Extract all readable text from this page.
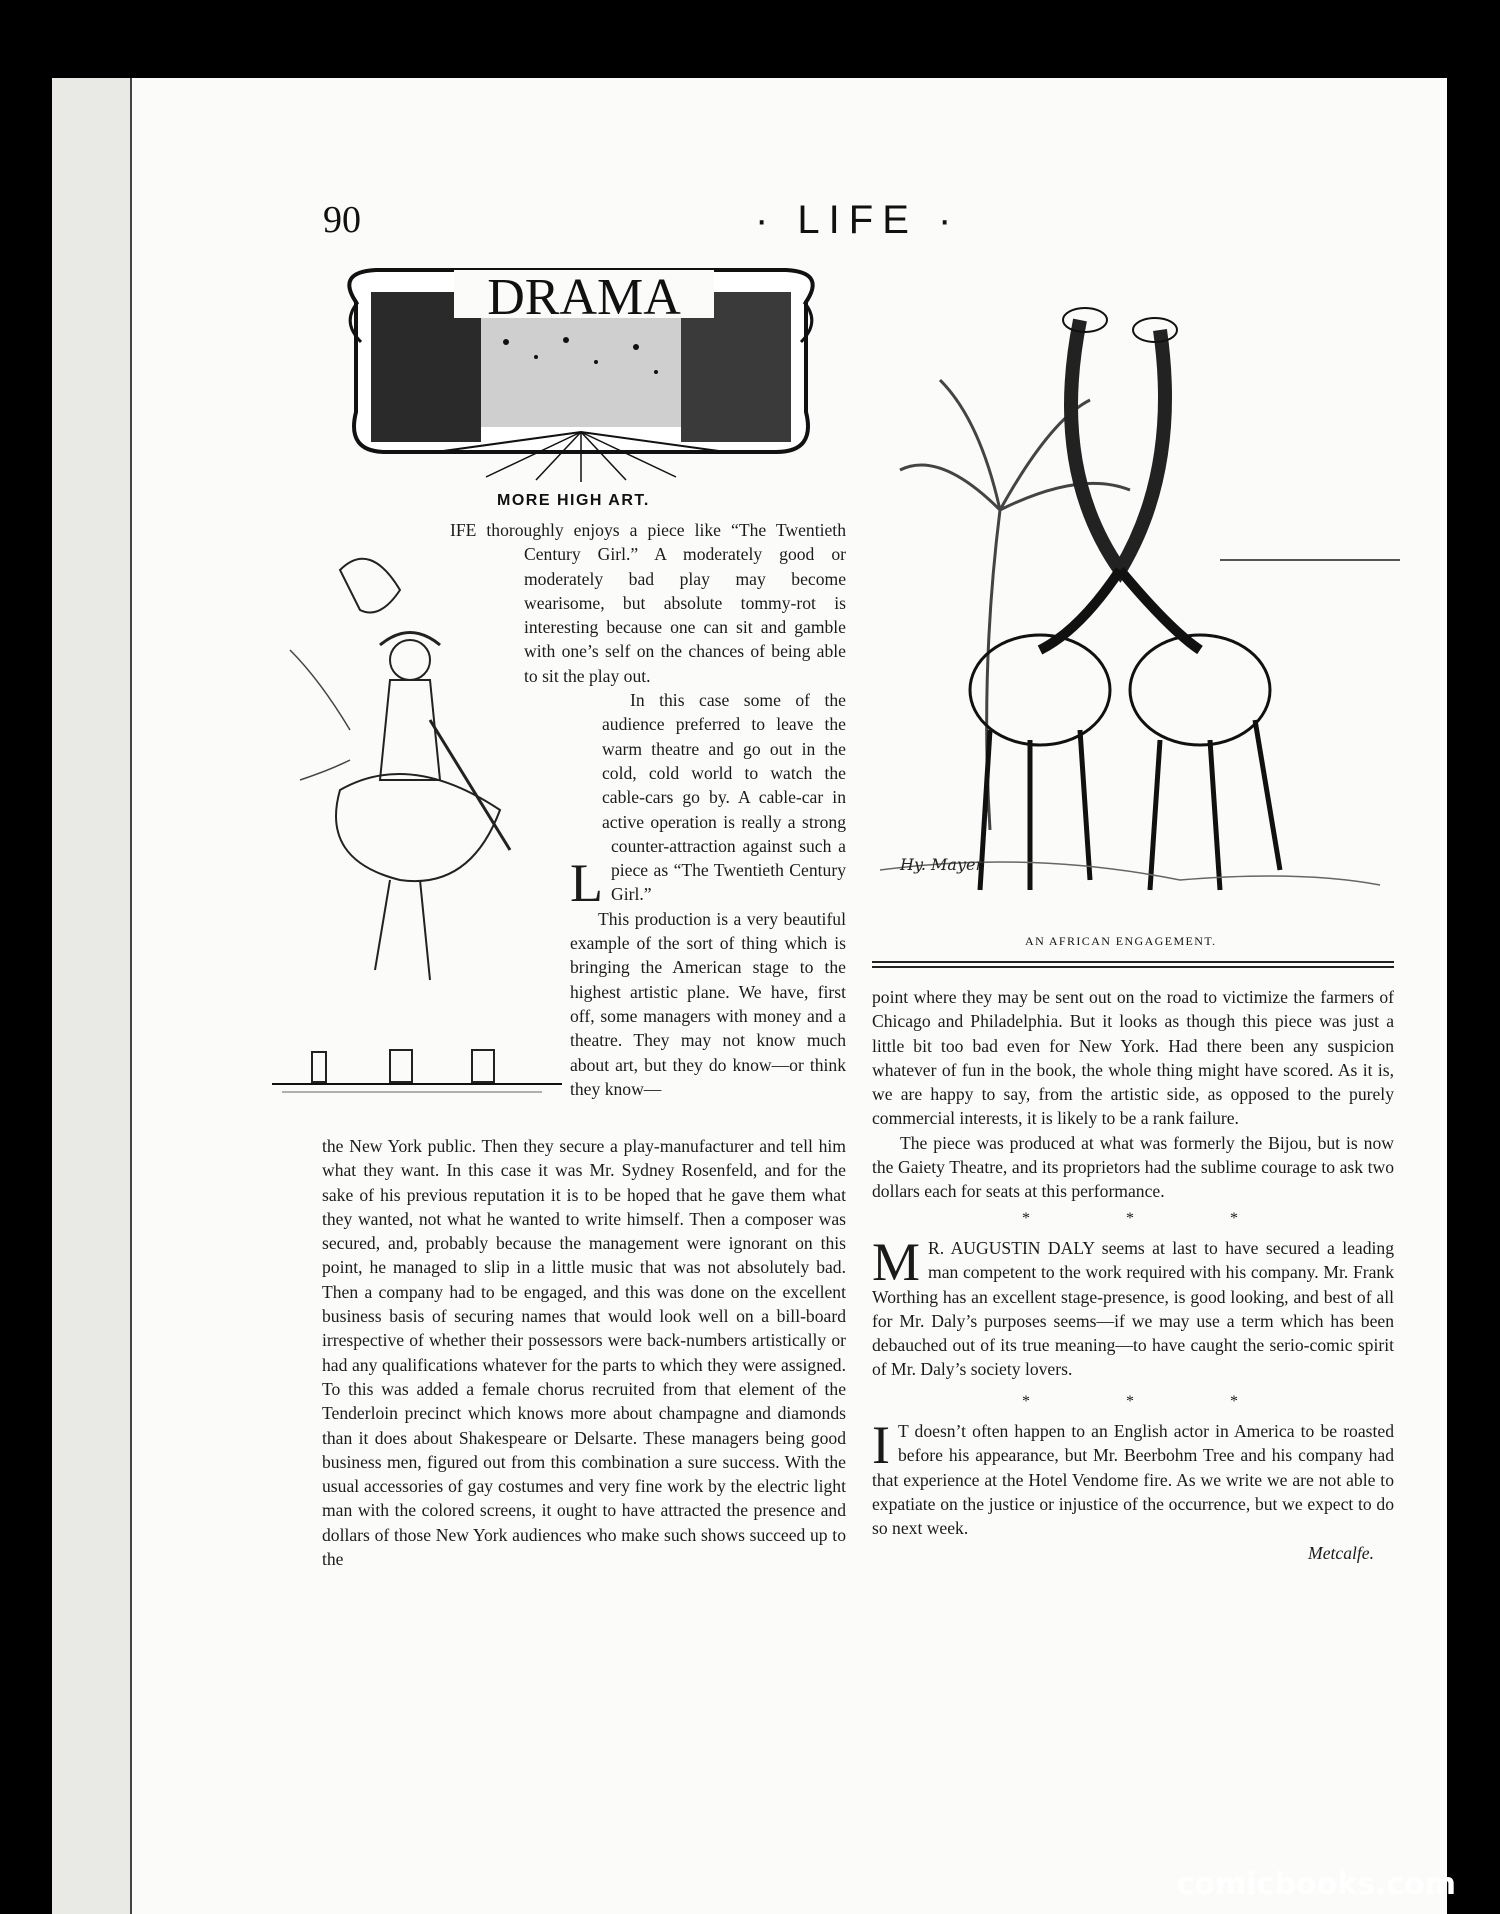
90	· LIFE ·
DRAMA
MORE HIGH ART.
Hy. Mayer
AN AFRICAN ENGAGEMENT.

L
IFE thoroughly enjoys a piece like “The Twentieth Century Girl.” A moderately good or moderately bad play may become wearisome, but absolute tommy-rot is interesting because one can sit and gamble with one’s self on the chances of being able to sit the play out.

In this case some of the audience preferred to leave the warm theatre and go out in the cold, cold world to watch the cable-cars go by. A cable-car in active operation is really a strong counter-attraction against such a piece as “The Twentieth Century Girl.”

This production is a very beautiful example of the sort of thing which is bringing the American stage to the highest artistic plane. We have, first off, some managers with money and a theatre. They may not know much about art, but they do know—or think they know—

the New York public. Then they secure a play-manufacturer and tell him what they want. In this case it was Mr. Sydney Rosenfeld, and for the sake of his previous reputation it is to be hoped that he gave them what they wanted, not what he wanted to write himself. Then a composer was secured, and, probably because the management were ignorant on this point, he managed to slip in a little music that was not absolutely bad. Then a company had to be engaged, and this was done on the excellent business basis of securing names that would look well on a bill-board irrespective of whether their possessors were back-numbers artistically or had any qualifications whatever for the parts to which they were assigned. To this was added a female chorus recruited from that element of the Tenderloin precinct which knows more about champagne and diamonds than it does about Shakespeare or Delsarte. These managers being good business men, figured out from this combination a sure success. With the usual accessories of gay costumes and very fine work by the electric light man with the colored screens, it ought to have attracted the presence and dollars of those New York audiences who make such shows succeed up to the

point where they may be sent out on the road to victimize the farmers of Chicago and Philadelphia. But it looks as though this piece was just a little bit too bad even for New York. Had there been any suspicion whatever of fun in the book, the whole thing might have scored. As it is, we are happy to say, from the artistic side, as opposed to the purely commercial interests, it is likely to be a rank failure.

The piece was produced at what was formerly the Bijou, but is now the Gaiety Theatre, and its proprietors had the sublime courage to ask two dollars each for seats at this performance.

* * *

M R. AUGUSTIN DALY seems at last to have secured a leading man competent to the work required with his company. Mr. Frank Worthing has an excellent stage-presence, is good looking, and best of all for Mr. Daly’s purposes seems—if we may use a term which has been debauched out of its true meaning—to have caught the serio-comic spirit of Mr. Daly’s society lovers.

* * *

I T doesn’t often happen to an English actor in America to be roasted before his appearance, but Mr. Beerbohm Tree and his company had that experience at the Hotel Vendome fire. As we write we are not able to expatiate on the justice or injustice of the occurrence, but we expect to do so next week.

Metcalfe.

comicbooks.com
